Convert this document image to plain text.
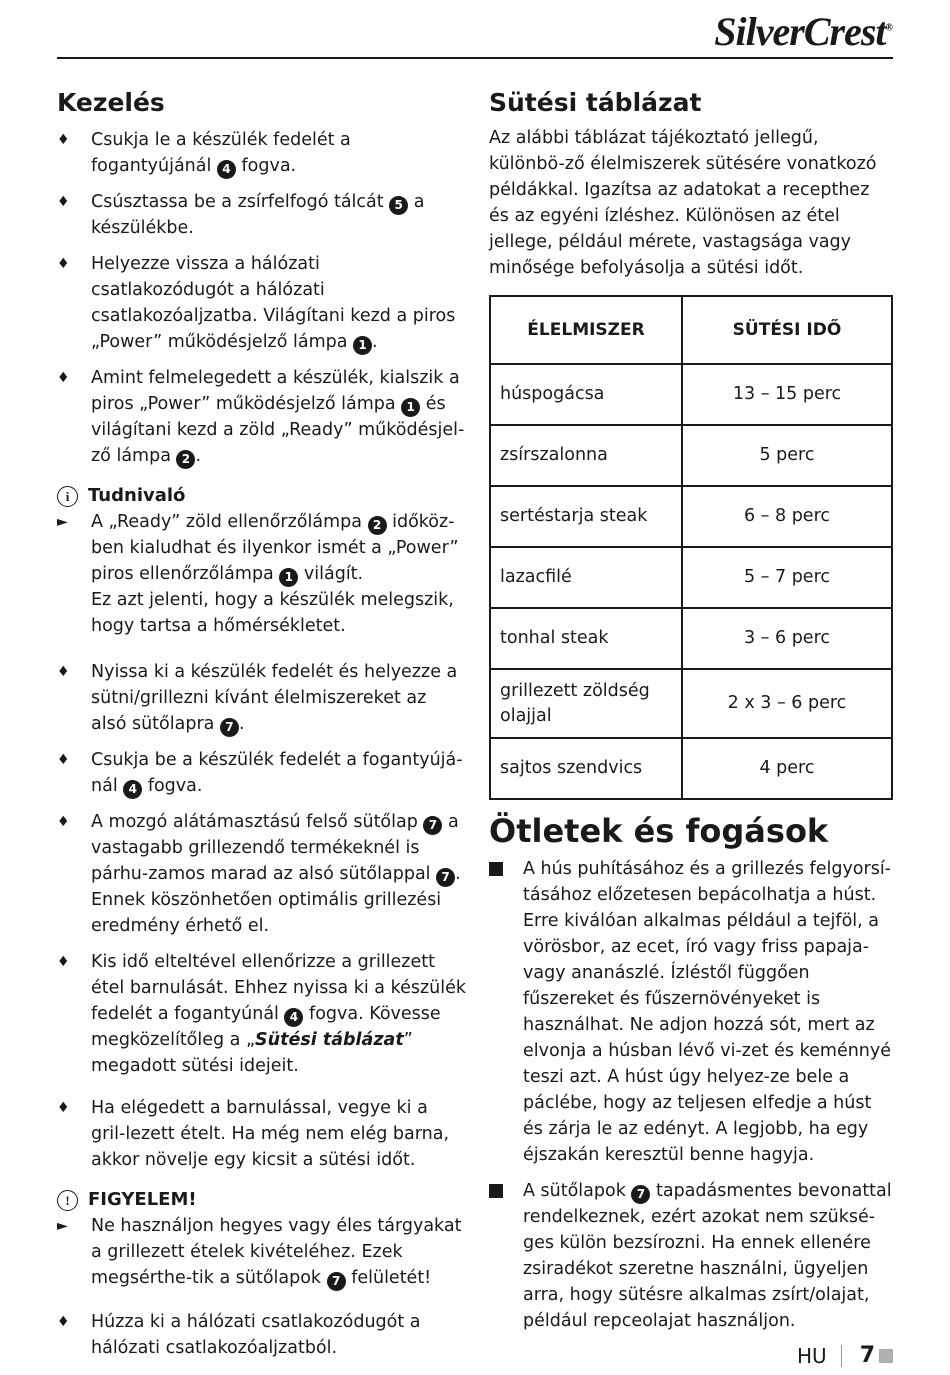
SilverCrest®
Kezelés
♦ Csukja le a készülék fedelét a fogantyújánál 4 fogva.
♦ Csúsztassa be a zsírfelfogó tálcát 5 a készülékbe.
♦ Helyezze vissza a hálózati csatlakozódugót a hálózati csatlakozóaljzatba. Világítani kezd a piros „Power” működésjelző lámpa 1 .
♦ Amint felmelegedett a készülék, kialszik a piros „Power” működésjelző lámpa 1 és világítani kezd a zöld „Ready” működésjel-ző lámpa 2 .
i	Tudnivaló
► A „Ready” zöld ellenőrzőlámpa 2 időköz-ben kialudhat és ilyenkor ismét a „Power” piros ellenőrzőlámpa 1 világít.
Ez azt jelenti, hogy a készülék melegszik, hogy tartsa a hőmérsékletet.
♦ Nyissa ki a készülék fedelét és helyezze a sütni/grillezni kívánt élelmiszereket az alsó sütőlapra 7 .
♦ Csukja be a készülék fedelét a fogantyújá-nál 4 fogva.
♦ A mozgó alátámasztású felső sütőlap 7 a vastagabb grillezendő termékeknél is párhu-zamos marad az alsó sütőlappal 7 . Ennek köszönhetően optimális grillezési eredmény érhető el.
♦ Kis idő elteltével ellenőrizze a grillezett étel barnulását. Ehhez nyissa ki a készülék fedelét a fogantyúnál 4 fogva. Kövesse megközelítőleg a „Sütési táblázat” megadott sütési idejeit.
♦ Ha elégedett a barnulással, vegye ki a gril-lezett ételt. Ha még nem elég barna, akkor növelje egy kicsit a sütési időt.
!	FIGYELEM!
► Ne használjon hegyes vagy éles tárgyakat a grillezett ételek kivételéhez. Ezek megsérthe-tik a sütőlapok 7 felületét!
♦ Húzza ki a hálózati csatlakozódugót a hálózati csatlakozóaljzatból.
Sütési táblázat
Az alábbi táblázat tájékoztató jellegű, különbö-ző élelmiszerek sütésére vonatkozó példákkal. Igazítsa az adatokat a recepthez és az egyéni ízléshez. Különösen az étel jellege, például mérete, vastagsága vagy minősége befolyásolja a sütési időt.
ÉLELMISZER	SÜTÉSI IDŐ
húspogácsa	13 – 15 perc
zsírszalonna	5 perc
sertéstarja steak	6 – 8 perc
lazacfilé	5 – 7 perc
tonhal steak	3 – 6 perc
grillezett zöldség olajjal	2 x 3 – 6 perc
sajtos szendvics	4 perc
Ötletek és fogások
A hús puhításához és a grillezés felgyorsí-tásához előzetesen bepácolhatja a húst. Erre kiválóan alkalmas például a tejföl, a vörösbor, az ecet, író vagy friss papaja-vagy ananászlé. Ízléstől függően fűszereket és fűszernövényeket is használhat. Ne adjon hozzá sót, mert az elvonja a húsban lévő vi-zet és keménnyé teszi azt. A húst úgy helyez-ze bele a páclébe, hogy az teljesen elfedje a húst és zárja le az edényt. A legjobb, ha egy éjszakán keresztül benne hagyja.
A sütőlapok 7 tapadásmentes bevonattal rendelkeznek, ezért azokat nem szüksé-ges külön bezsírozni. Ha ennek ellenére zsiradékot szeretne használni, ügyeljen arra, hogy sütésre alkalmas zsírt/olajat, például repceolajat használjon.
HU 7
